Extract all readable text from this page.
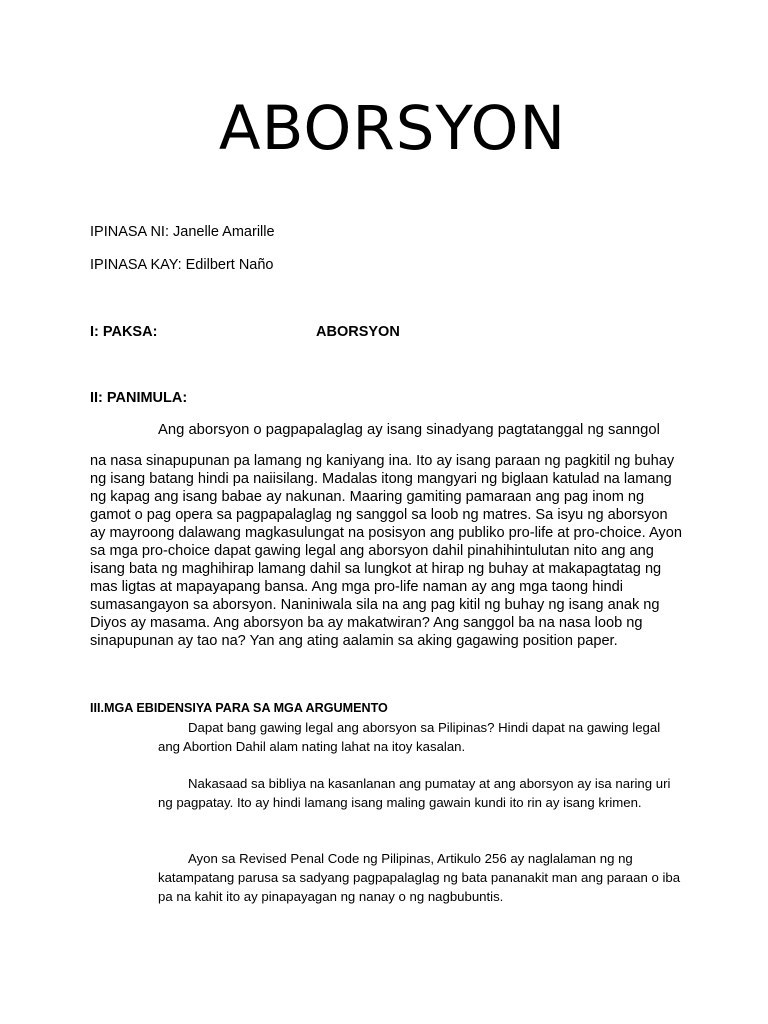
ABORSYON

IPINASA NI: Janelle Amarille

IPINASA KAY: Edilbert Naño

I: PAKSA:	ABORSYON

II: PANIMULA:

Ang aborsyon o pagpapalaglag ay isang sinadyang pagtatanggal ng sanngol

na nasa sinapupunan pa lamang ng kaniyang ina. Ito ay isang paraan ng pagkitil ng buhay ng isang batang hindi pa naiisilang. Madalas itong mangyari ng biglaan katulad na lamang ng kapag ang isang babae ay nakunan. Maaring gamiting pamaraan ang pag inom ng gamot o pag opera sa pagpapalaglag ng sanggol sa loob ng matres. Sa isyu ng aborsyon ay mayroong dalawang magkasulungat na posisyon ang publiko pro-life at pro-choice. Ayon sa mga pro-choice dapat gawing legal ang aborsyon dahil pinahihintulutan nito ang ang isang bata ng maghihirap lamang dahil sa lungkot at hirap ng buhay at makapagtatag ng mas ligtas at mapayapang bansa. Ang mga pro-life naman ay ang mga taong hindi sumasangayon sa aborsyon. Naniniwala sila na ang pag kitil ng buhay ng isang anak ng Diyos ay masama. Ang aborsyon ba ay makatwiran? Ang sanggol ba na nasa loob ng sinapupunan ay tao na? Yan ang ating aalamin sa aking gagawing position paper.

III.MGA EBIDENSIYA PARA SA MGA ARGUMENTO

Dapat bang gawing legal ang aborsyon sa Pilipinas? Hindi dapat na gawing legal ang Abortion Dahil alam nating lahat na itoy kasalan.

Nakasaad sa bibliya na kasanlanan ang pumatay at ang aborsyon ay isa naring uri ng pagpatay. Ito ay hindi lamang isang maling gawain kundi ito rin ay isang krimen.

Ayon sa Revised Penal Code ng Pilipinas, Artikulo 256 ay naglalaman ng ng katampatang parusa sa sadyang pagpapalaglag ng bata pananakit man ang paraan o iba pa na kahit ito ay pinapayagan ng nanay o ng nagbubuntis.
